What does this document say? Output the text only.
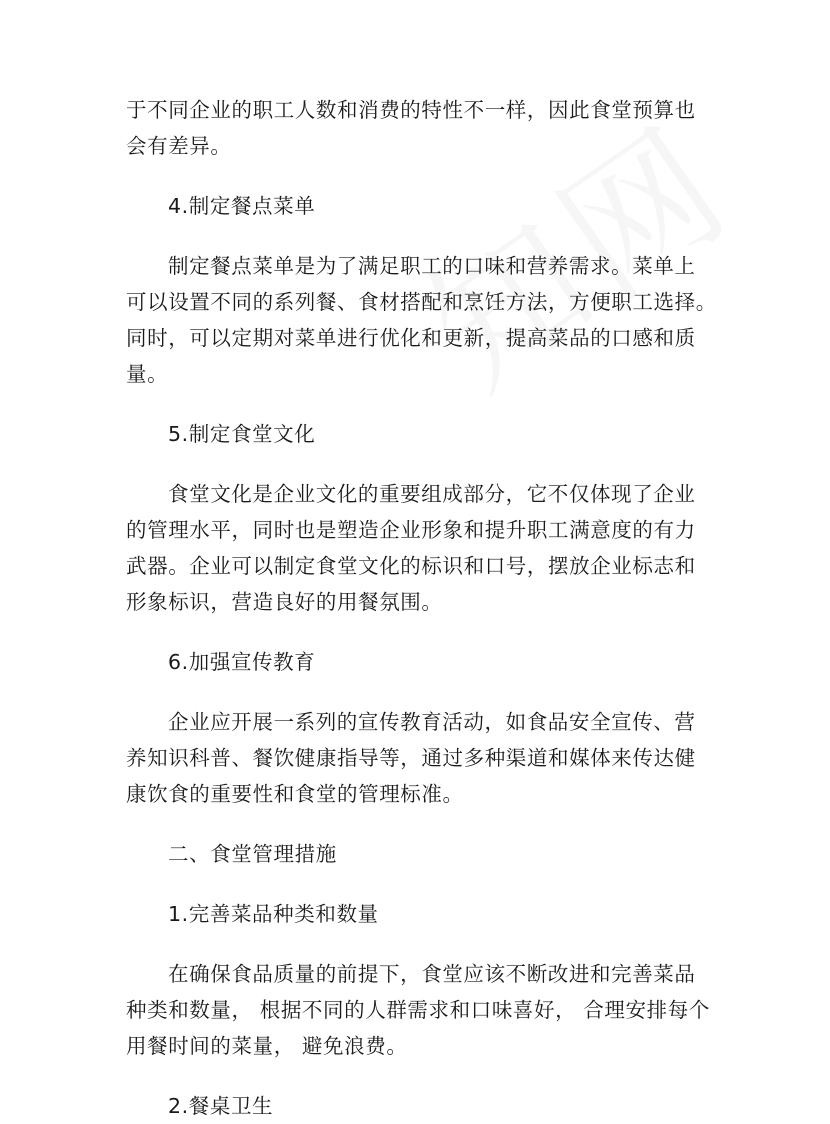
于不同企业的职工人数和消费的特性不一样，因此食堂预算也
会有差异。
4.制定餐点菜单
制定餐点菜单是为了满足职工的口味和营养需求。菜单上
可以设置不同的系列餐、食材搭配和烹饪方法，方便职工选择。
同时，可以定期对菜单进行优化和更新，提高菜品的口感和质
量。
5.制定食堂文化
食堂文化是企业文化的重要组成部分，它不仅体现了企业
的管理水平，同时也是塑造企业形象和提升职工满意度的有力
武器。企业可以制定食堂文化的标识和口号，摆放企业标志和
形象标识，营造良好的用餐氛围。
6.加强宣传教育
企业应开展一系列的宣传教育活动，如食品安全宣传、营
养知识科普、餐饮健康指导等，通过多种渠道和媒体来传达健
康饮食的重要性和食堂的管理标准。
二、食堂管理措施
1.完善菜品种类和数量
在确保食品质量的前提下，食堂应该不断改进和完善菜品
种类和数量， 根据不同的人群需求和口味喜好， 合理安排每个
用餐时间的菜量， 避免浪费。
2.餐桌卫生
